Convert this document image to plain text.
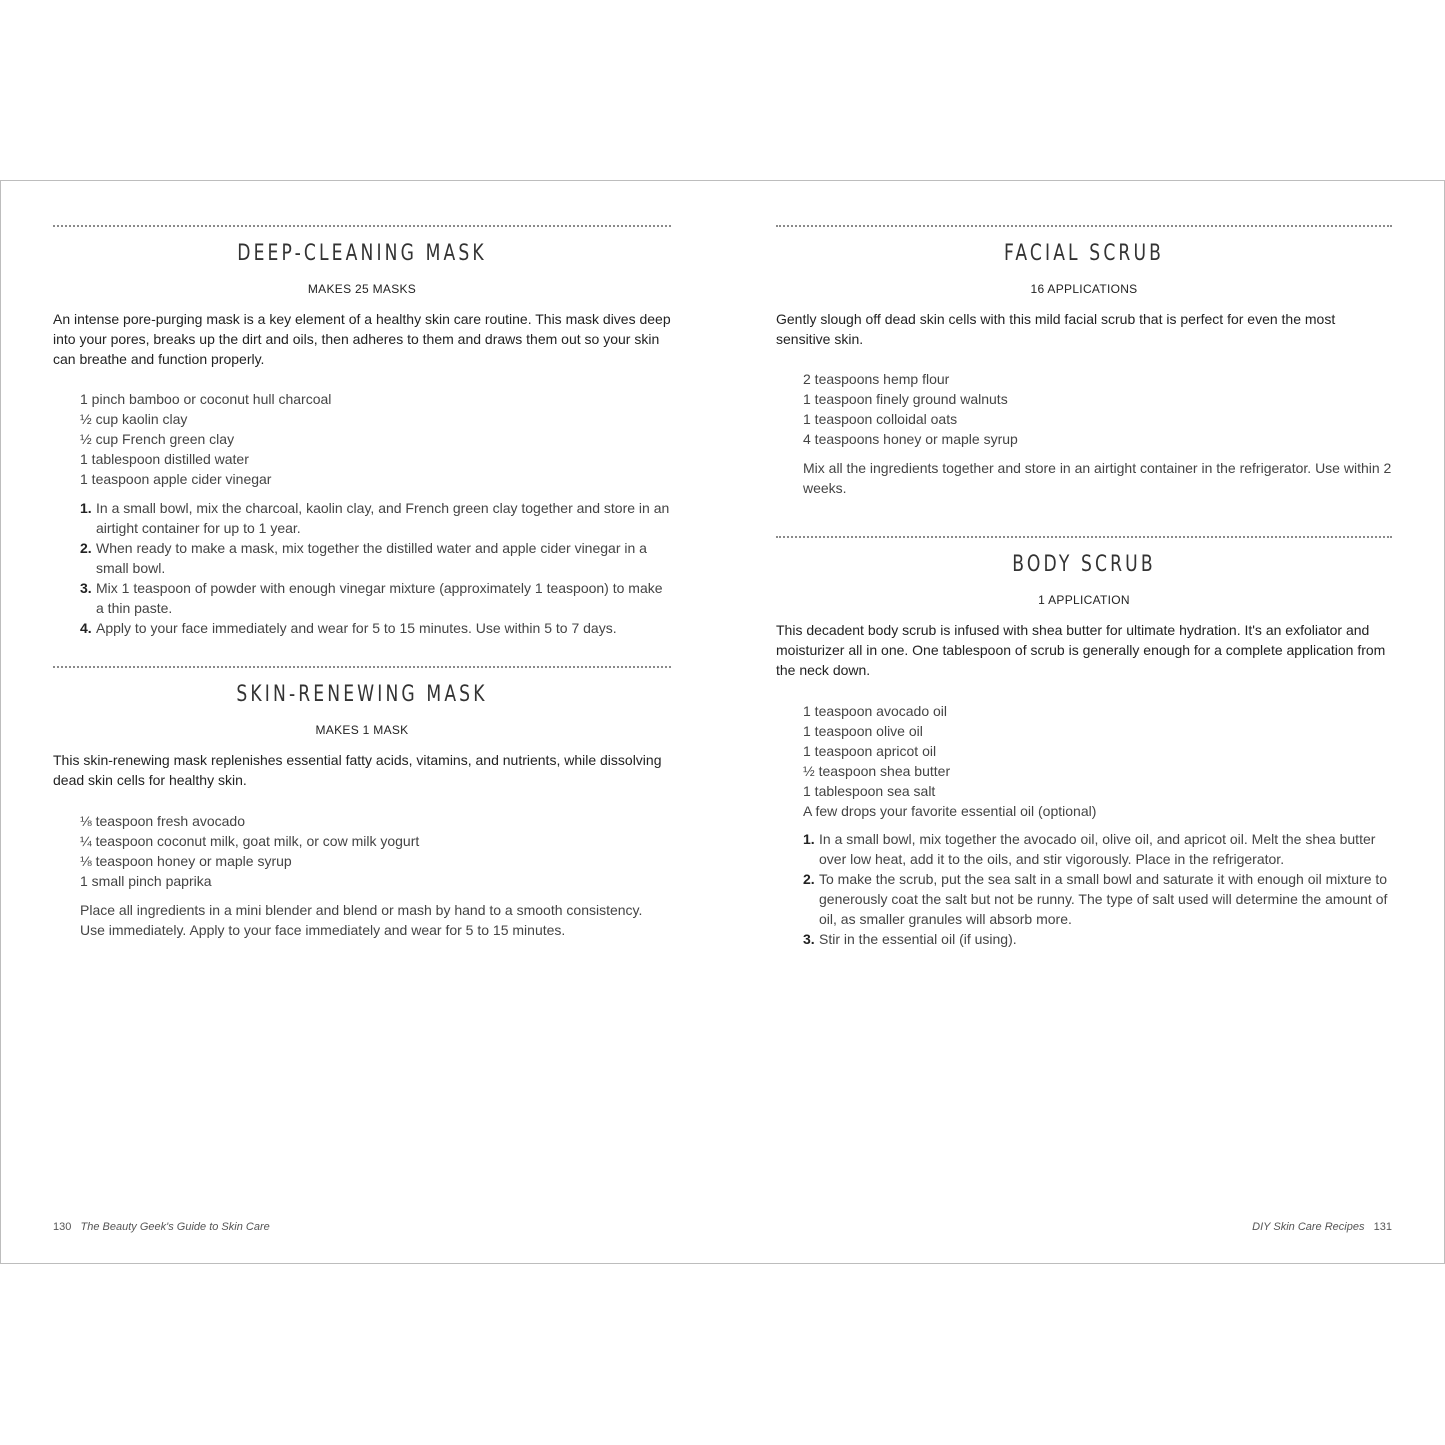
DEEP-CLEANING MASK
MAKES 25 MASKS

An intense pore-purging mask is a key element of a healthy skin care routine. This mask dives deep into your pores, breaks up the dirt and oils, then adheres to them and draws them out so your skin can breathe and function properly.

1 pinch bamboo or coconut hull charcoal
½ cup kaolin clay
½ cup French green clay
1 tablespoon distilled water
1 teaspoon apple cider vinegar
1. In a small bowl, mix the charcoal, kaolin clay, and French green clay together and store in an airtight container for up to 1 year.
2. When ready to make a mask, mix together the distilled water and apple cider vinegar in a small bowl.
3. Mix 1 teaspoon of powder with enough vinegar mixture (approximately 1 teaspoon) to make a thin paste.
4. Apply to your face immediately and wear for 5 to 15 minutes. Use within 5 to 7 days.
SKIN-RENEWING MASK
MAKES 1 MASK

This skin-renewing mask replenishes essential fatty acids, vitamins, and nutrients, while dissolving dead skin cells for healthy skin.

⅛ teaspoon fresh avocado
¼ teaspoon coconut milk, goat milk, or cow milk yogurt
⅛ teaspoon honey or maple syrup
1 small pinch paprika

Place all ingredients in a mini blender and blend or mash by hand to a smooth consistency. Use immediately. Apply to your face immediately and wear for 5 to 15 minutes.

130 The Beauty Geek's Guide to Skin Care
FACIAL SCRUB
16 APPLICATIONS

Gently slough off dead skin cells with this mild facial scrub that is perfect for even the most sensitive skin.

2 teaspoons hemp flour
1 teaspoon finely ground walnuts
1 teaspoon colloidal oats
4 teaspoons honey or maple syrup

Mix all the ingredients together and store in an airtight container in the refrigerator. Use within 2 weeks.

BODY SCRUB
1 APPLICATION

This decadent body scrub is infused with shea butter for ultimate hydration. It's an exfoliator and moisturizer all in one. One tablespoon of scrub is generally enough for a complete application from the neck down.

1 teaspoon avocado oil
1 teaspoon olive oil
1 teaspoon apricot oil
½ teaspoon shea butter
1 tablespoon sea salt
A few drops your favorite essential oil (optional)
1. In a small bowl, mix together the avocado oil, olive oil, and apricot oil. Melt the shea butter over low heat, add it to the oils, and stir vigorously. Place in the refrigerator.
2. To make the scrub, put the sea salt in a small bowl and saturate it with enough oil mixture to generously coat the salt but not be runny. The type of salt used will determine the amount of oil, as smaller granules will absorb more.
3. Stir in the essential oil (if using).
DIY Skin Care Recipes 131
